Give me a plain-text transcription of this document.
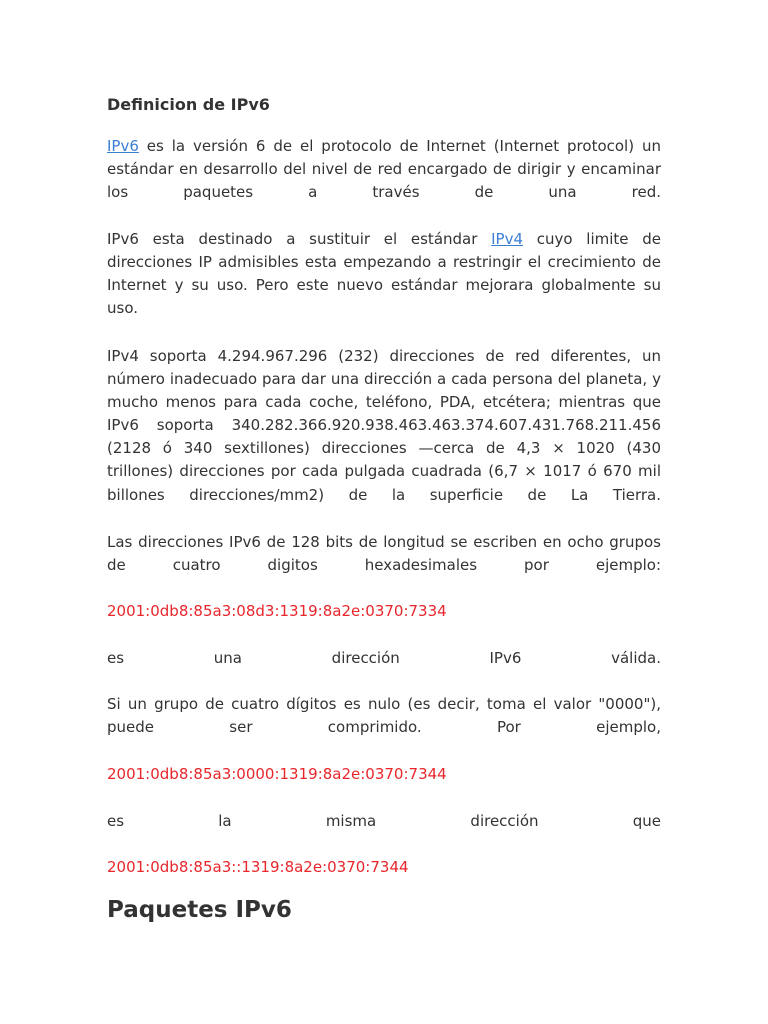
Definicion de IPv6

IPv6 es la versión 6 de el protocolo de Internet (Internet protocol) un estándar en desarrollo del nivel de red encargado de dirigir y encaminar los paquetes a través de una red.

IPv6 esta destinado a sustituir el estándar IPv4 cuyo limite de direcciones IP admisibles esta empezando a restringir el crecimiento de Internet y su uso. Pero este nuevo estándar mejorara globalmente su uso.

IPv4 soporta 4.294.967.296 (232) direcciones de red diferentes, un número inadecuado para dar una dirección a cada persona del planeta, y mucho menos para cada coche, teléfono, PDA, etcétera; mientras que IPv6 soporta 340.282.366.920.938.463.463.374.607.431.768.211.456 (2128 ó 340 sextillones) direcciones —cerca de 4,3 × 1020 (430 trillones) direcciones por cada pulgada cuadrada (6,7 × 1017 ó 670 mil billones direcciones/mm2) de la superficie de La Tierra.

Las direcciones IPv6 de 128 bits de longitud se escriben en ocho grupos de cuatro digitos hexadesimales por ejemplo:

2001:0db8:85a3:08d3:1319:8a2e:0370:7334

es una dirección IPv6 válida.

Si un grupo de cuatro dígitos es nulo (es decir, toma el valor "0000"), puede ser comprimido. Por ejemplo,

2001:0db8:85a3:0000:1319:8a2e:0370:7344

es la misma dirección que

2001:0db8:85a3::1319:8a2e:0370:7344

Paquetes IPv6
